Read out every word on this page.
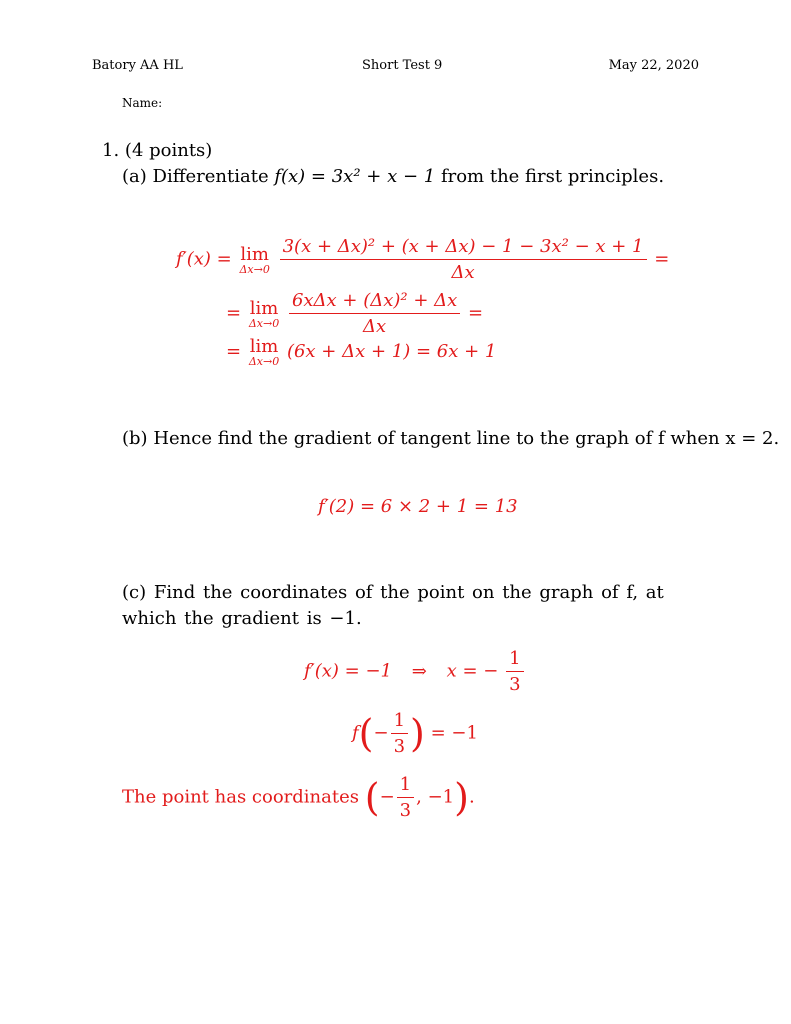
Batory AA HL	Short Test 9	May 22, 2020
Name:
1. (4 points)
(a) Differentiate f(x) = 3x² + x − 1 from the first principles.
f′(x) = lim
Δx→0
$\frac{\text{3(x + Δx)² + (x + Δx) − 1 − 3x² − x + 1}}{\Delta x}$ =
= lim
Δx→0
$\frac{\text{6xΔx + (Δx)² + Δx}}{\Delta x}$ =
= lim
Δx→0 (6x + Δx + 1) = 6x + 1
(b) Hence find the gradient of tangent line to the graph of f when x = 2.
f′(2) = 6 × 2 + 1 = 13
(c) Find the coordinates of the point on the graph of f, at which the gradient is −1.
f′(x) = −1 ⇒ x = − $\frac{1}{3}$
$f(- \frac{1}{3}$ ) = −1
The point has coordinates (− $\frac{1}{3}$ , −1).
